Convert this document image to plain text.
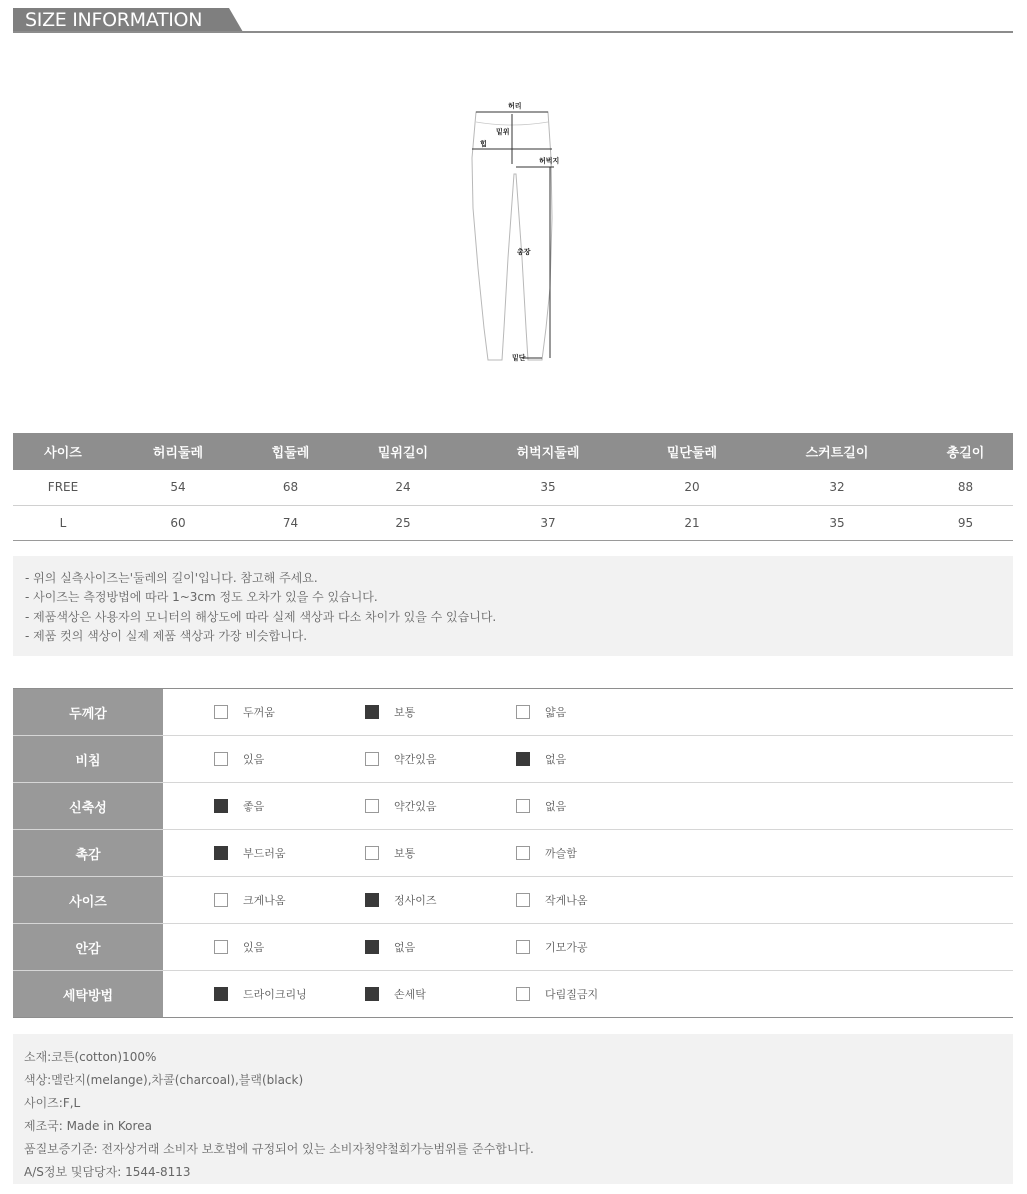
SIZE INFORMATION
허리
밑위
힙
허벅지
총장
밑단
사이즈	허리둘레	힙둘레	밑위길이	허벅지둘레	밑단둘레	스커트길이	총길이
FREE	54	68	24	35	20	32	88
L	60	74	25	37	21	35	95
- 위의 실측사이즈는'둘레의 길이'입니다. 참고해 주세요.
- 사이즈는 측정방법에 따라 1~3cm 정도 오차가 있을 수 있습니다.
- 제품색상은 사용자의 모니터의 해상도에 따라 실제 색상과 다소 차이가 있을 수 있습니다.
- 제품 컷의 색상이 실제 제품 색상과 가장 비슷합니다.
두께감	두꺼움	보통	얇음
비침	있음	약간있음	없음
신축성	좋음	약간있음	없음
촉감	부드러움	보통	까슬함
사이즈	크게나옴	정사이즈	작게나옴
안감	있음	없음	기모가공
세탁방법	드라이크리닝	손세탁	다림질금지
소재:코튼(cotton)100%
색상:멜란지(melange),차콜(charcoal),블랙(black)
사이즈:F,L
제조국: Made in Korea
품질보증기준: 전자상거래 소비자 보호법에 규정되어 있는 소비자청약철회가능범위를 준수합니다.
A/S정보 및담당자: 1544-8113
